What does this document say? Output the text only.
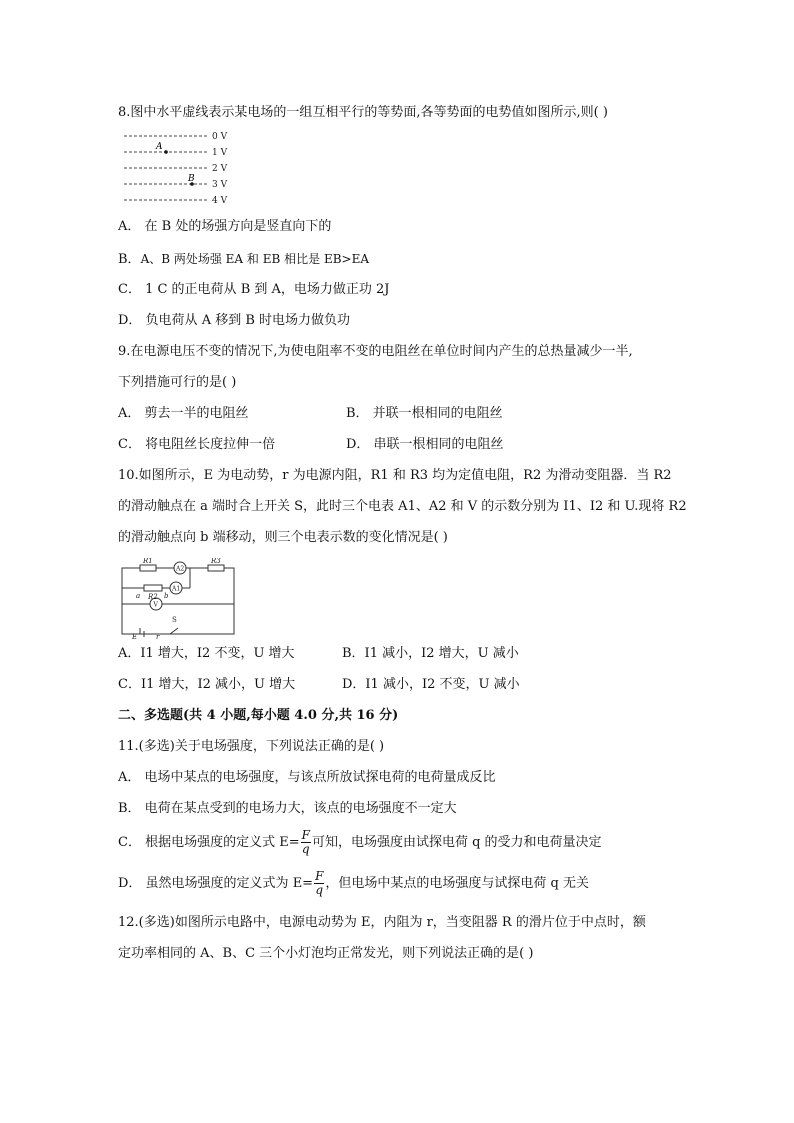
8.图中水平虚线表示某电场的一组互相平行的等势面,各等势面的电势值如图所示,则( )
0 V
1 V
2 V
3 V
4 V
A
B
A． 在 B 处的场强方向是竖直向下的
B．A、B 两处场强 EA 和 EB 相比是 EB>EA
C． 1 C 的正电荷从 B 到 A，电场力做正功 2J
D． 负电荷从 A 移到 B 时电场力做负功
9.在电源电压不变的情况下,为使电阻率不变的电阻丝在单位时间内产生的总热量减少一半,
下列措施可行的是( )
A． 剪去一半的电阻丝	B． 并联一根相同的电阻丝
C． 将电阻丝长度拉伸一倍	D． 串联一根相同的电阻丝
10.如图所示，E 为电动势，r 为电源内阻，R1 和 R3 均为定值电阻，R2 为滑动变阻器．当 R2
的滑动触点在 a 端时合上开关 S，此时三个电表 A1、A2 和 V 的示数分别为 I1、I2 和 U.现将 R2
的滑动触点向 b 端移动，则三个电表示数的变化情况是( )
R1
A2
R3
a R2 b
A1
V
S
E	r
A．I1 增大，I2 不变，U 增大	B．I1 减小，I2 增大，U 减小
C．I1 增大，I2 减小，U 增大	D．I1 减小，I2 不变，U 减小
二、多选题(共 4 小题,每小题 4.0 分,共 16 分)
11.(多选)关于电场强度，下列说法正确的是( )
A． 电场中某点的电场强度，与该点所放试探电荷的电荷量成反比
B． 电荷在某点受到的电场力大，该点的电场强度不一定大
C． 根据电场强度的定义式 $E= \frac{F}{q}$ 可知，电场强度由试探电荷 q 的受力和电荷量决定
D． 虽然电场强度的定义式为 $E= \frac{F}{q}$ ，但电场中某点的电场强度与试探电荷 q 无关
12.(多选)如图所示电路中，电源电动势为 E，内阻为 r，当变阻器 R 的滑片位于中点时，额
定功率相同的 A、B、C 三个小灯泡均正常发光，则下列说法正确的是( )
